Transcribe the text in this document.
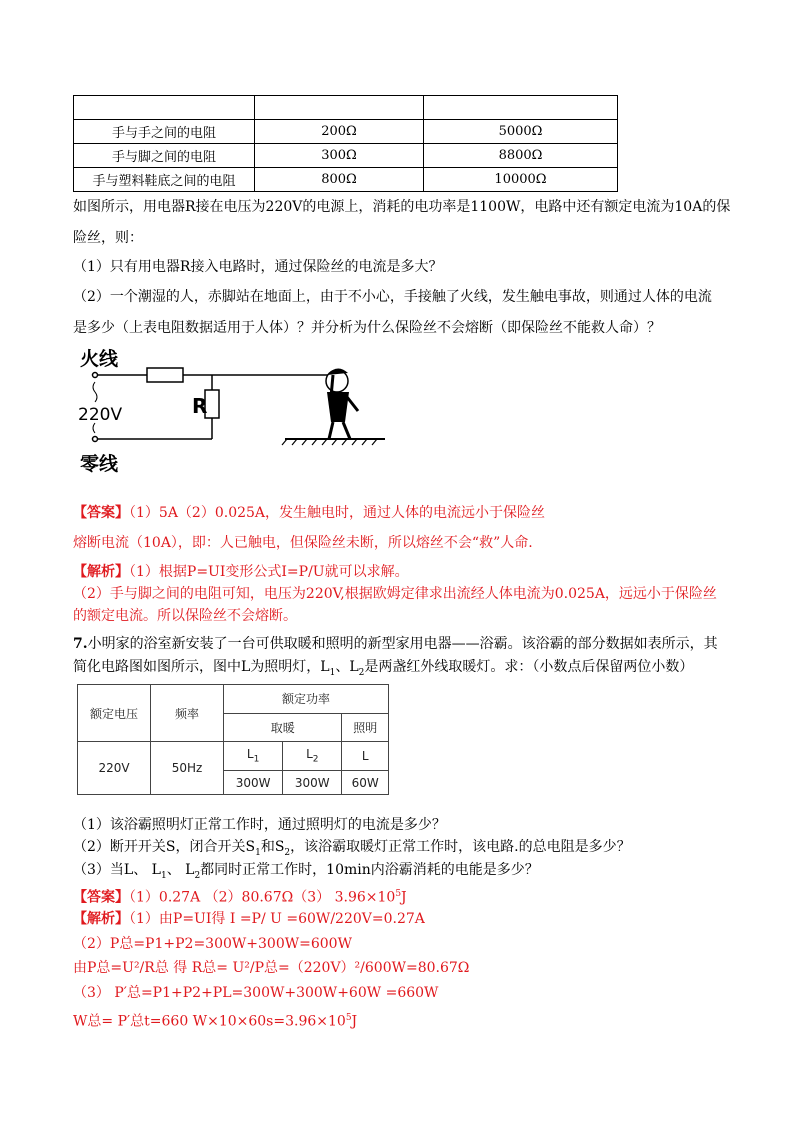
手与手之间的电阻	200Ω	5000Ω
手与脚之间的电阻	300Ω	8800Ω
手与塑料鞋底之间的电阻	800Ω	10000Ω
如图所示，用电器R接在电压为220V的电源上，消耗的电功率是1100W，电路中还有额定电流为10A的保
险丝，则：
（1）只有用电器R接入电路时，通过保险丝的电流是多大？
（2）一个潮湿的人，赤脚站在地面上，由于不小心，手接触了火线，发生触电事故，则通过人体的电流
是多少（上表电阻数据适用于人体）？并分析为什么保险丝不会熔断（即保险丝不能救人命）？
火线
220V
零线
R
【答案】（1）5A（2）0.025A，发生触电时，通过人体的电流远小于保险丝
熔断电流（10A），即：人已触电，但保险丝未断，所以熔丝不会“救”人命.
【解析】（1）根据P=UI变形公式I=P/U就可以求解。
（2）手与脚之间的电阻可知，电压为220V,根据欧姆定律求出流经人体电流为0.025A，远远小于保险丝
的额定电流。所以保险丝不会熔断。
7.小明家的浴室新安装了一台可供取暖和照明的新型家用电器——浴霸。该浴霸的部分数据如表所示，其
简化电路图如图所示，图中L为照明灯，$L_1$、$L_2$是两盏红外线取暖灯。求：（小数点后保留两位小数）
额定电压	频率	额定功率		
		取暖		照明
220V	50Hz	$L_1$	$L_2$	L
		300W	300W	60W
（1）该浴霸照明灯正常工作时，通过照明灯的电流是多少？
（2）断开开关S，闭合开关$S_1$和$S_2$，该浴霸取暖灯正常工作时，该电路.的总电阻是多少？
（3）当L、 $L_1$、 $L_2$都同时正常工作时，10min内浴霸消耗的电能是多少？
【答案】（1）0.27A （2）80.67Ω（3） $3.96\times 10^5J$
【解析】（1）由P=UI得 I =P/ U =60W/220V=0.27A
（2）P总=P1+P2=300W+300W=600W
由P总=U²/R总 得 R总= U²/P总=（220V）²/600W=80.67Ω
（3） P′总=P1+P2+PL=300W+300W+60W =660W
W总= P′总t=660 $W\times 10\times 60s=3.96\times 10^5J$
